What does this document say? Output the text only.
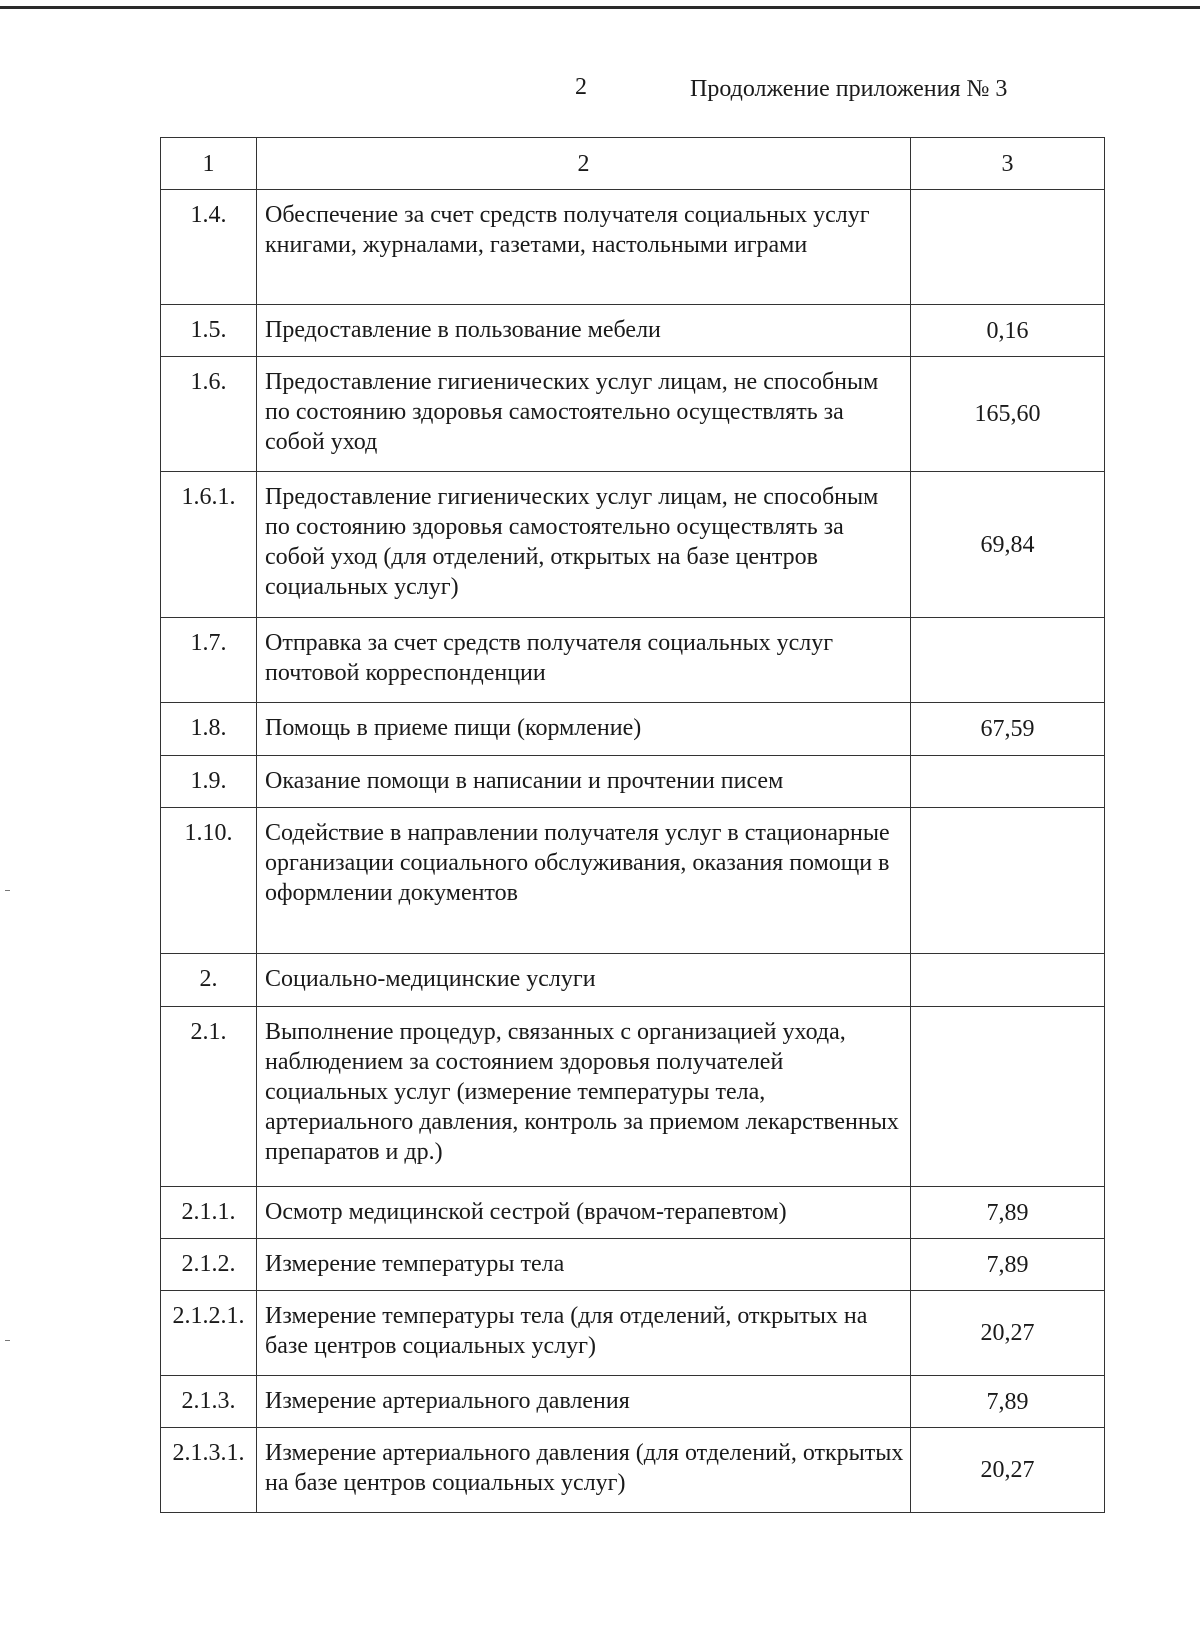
2	Продолжение приложения № 3
1	2	3
1.4.	Обеспечение за счет средств получателя социальных услуг книгами, журналами, газетами, настольными играми	
1.5.	Предоставление в пользование мебели	0,16
1.6.	Предоставление гигиенических услуг лицам, не способным по состоянию здоровья самостоятельно осуществлять за собой уход	165,60
1.6.1.	Предоставление гигиенических услуг лицам, не способным по состоянию здоровья самостоятельно осуществлять за собой уход (для отделений, открытых на базе центров социальных услуг)	69,84
1.7.	Отправка за счет средств получателя социальных услуг почтовой корреспонденции	
1.8.	Помощь в приеме пищи (кормление)	67,59
1.9.	Оказание помощи в написании и прочтении писем	
1.10.	Содействие в направлении получателя услуг в стационарные организации социального обслуживания, оказания помощи в оформлении документов	
2.	Социально-медицинские услуги	
2.1.	Выполнение процедур, связанных с организацией ухода, наблюдением за состоянием здоровья получателей социальных услуг (измерение температуры тела, артериального давления, контроль за приемом лекарственных препаратов и др.)	
2.1.1.	Осмотр медицинской сестрой (врачом-терапевтом)	7,89
2.1.2.	Измерение температуры тела	7,89
2.1.2.1.	Измерение температуры тела (для отделений, открытых на базе центров социальных услуг)	20,27
2.1.3.	Измерение артериального давления	7,89
2.1.3.1.	Измерение артериального давления (для отделений, открытых на базе центров социальных услуг)	20,27
